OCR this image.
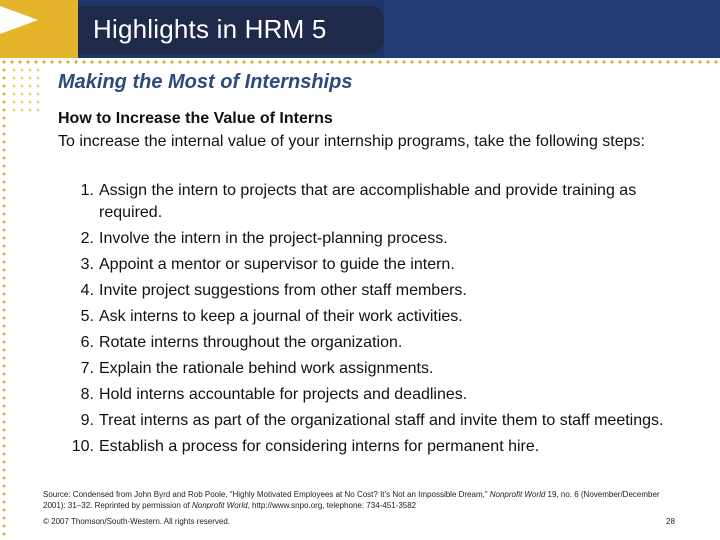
Highlights in HRM 5
Making the Most of Internships
How to Increase the Value of Interns
To increase the internal value of your internship programs, take the following steps:
1. Assign the intern to projects that are accomplishable and provide training as required.
2. Involve the intern in the project-planning process.
3. Appoint a mentor or supervisor to guide the intern.
4. Invite project suggestions from other staff members.
5. Ask interns to keep a journal of their work activities.
6. Rotate interns throughout the organization.
7. Explain the rationale behind work assignments.
8. Hold interns accountable for projects and deadlines.
9. Treat interns as part of the organizational staff and invite them to staff meetings.
10. Establish a process for considering interns for permanent hire.
Source: Condensed from John Byrd and Rob Poole, “Highly Motivated Employees at No Cost? It’s Not an Impossible Dream,” Nonprofit World 19, no. 6 (November/December 2001): 31–32. Reprinted by permission of Nonprofit World, http://www.snpo.org, telephone: 734-451-3582
© 2007 Thomson/South-Western. All rights reserved.	28
